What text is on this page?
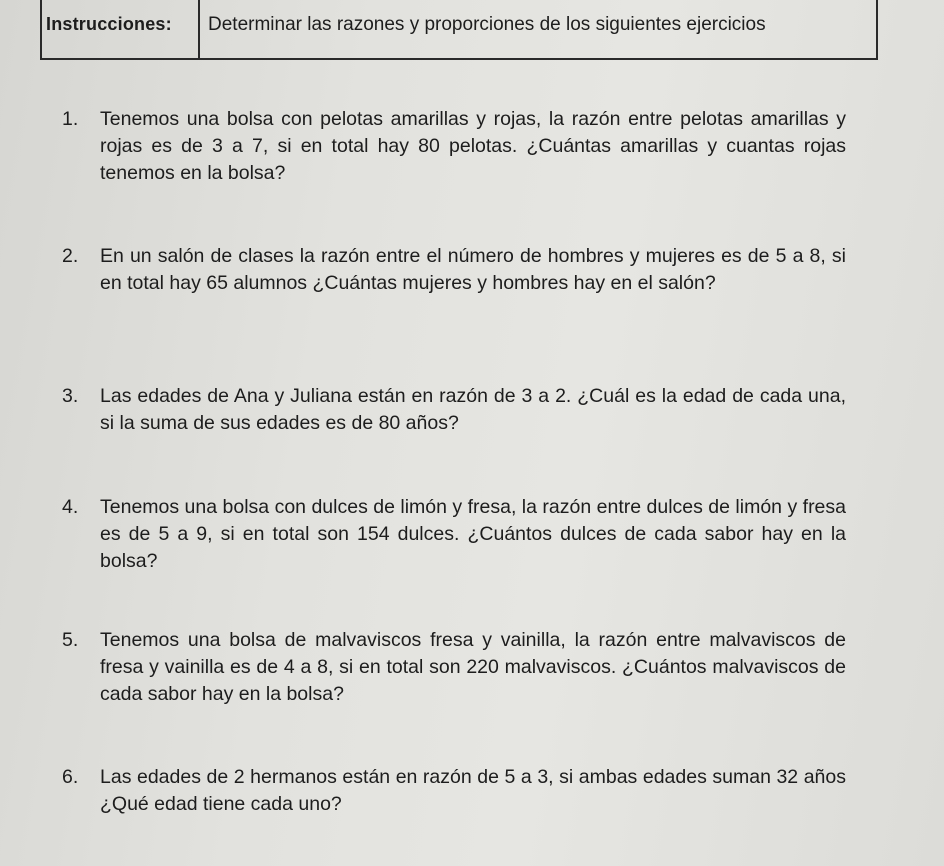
Instrucciones:	Determinar las razones y proporciones de los siguientes ejercicios
1.	Tenemos una bolsa con pelotas amarillas y rojas, la razón entre pelotas amarillas y rojas es de 3 a 7, si en total hay 80 pelotas. ¿Cuántas amarillas y cuantas rojas tenemos en la bolsa?
2.	En un salón de clases la razón entre el número de hombres y mujeres es de 5 a 8, si en total hay 65 alumnos ¿Cuántas mujeres y hombres hay en el salón?
3.	Las edades de Ana y Juliana están en razón de 3 a 2. ¿Cuál es la edad de cada una, si la suma de sus edades es de 80 años?
4.	Tenemos una bolsa con dulces de limón y fresa, la razón entre dulces de limón y fresa es de 5 a 9, si en total son 154 dulces. ¿Cuántos dulces de cada sabor hay en la bolsa?
5.	Tenemos una bolsa de malvaviscos fresa y vainilla, la razón entre malvaviscos de fresa y vainilla es de 4 a 8, si en total son 220 malvaviscos. ¿Cuántos malvaviscos de cada sabor hay en la bolsa?
6.	Las edades de 2 hermanos están en razón de 5 a 3, si ambas edades suman 32 años ¿Qué edad tiene cada uno?
